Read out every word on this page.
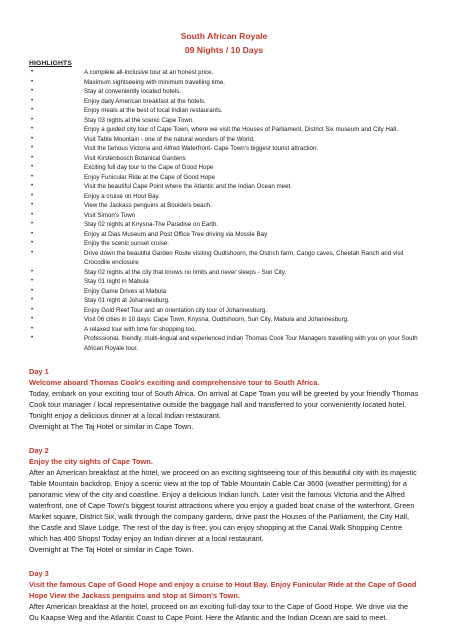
South African Royale
09 Nights / 10 Days
HIGHLIGHTS
•	A complete all-inclusive tour at an honest price.
•	Maximum sightseeing with minimum travelling time.
•	Stay at conveniently located hotels.
•	Enjoy daily American breakfast at the hotels.
•	Enjoy meals at the best of local Indian restaurants.
•	Stay 03 nights at the scenic Cape Town.
•	Enjoy a guided city tour of Cape Town, where we visit the Houses of Parliament, District Six museum and City Hall.
•	Visit Table Mountain - one of the natural wonders of the World.
•	Visit the famous Victoria and Alfred Waterfront- Cape Town's biggest tourist attraction.
•	Visit Kirstenbosch Botanical Gardens
•	Exciting full day tour to the Cape of Good Hope
•	Enjoy Funicular Ride at the Cape of Good Hope
•	Visit the beautiful Cape Point where the Atlantic and the Indian Ocean meet.
•	Enjoy a cruise on Hout Bay.
•	View the Jackass penguins at Boulders beach.
•	Visit Simon's Town
•	Stay 02 nights at Knysna-The Paradise on Earth.
•	Enjoy at Dias Museum and Post Office Tree driving via Mossle Bay
•	Enjoy the scenic sunset cruise.
•	Drive down the beautiful Garden Route visiting Oudtshoorn, the Ostrich farm, Cango caves, Cheetah Ranch and visit Crocodile enclosure
•	Stay 02 nights at the city that knows no limits and never sleeps - Sun City.
•	Stay 01 night in Mabula
•	Enjoy Game Drives at Mabula
•	Stay 01 night at Johannesburg.
•	Enjoy Gold Reef Tour and an orientation city tour of Johannesburg.
•	Visit 06 cities in 10 days: Cape Town, Knysna, Oudtshoorn, Sun City, Mabula and Johannesburg.
•	A relaxed tour with time for shopping too.
•	Professional, friendly, multi-lingual and experienced Indian Thomas Cook Tour Managers travelling with you on your South African Royale tour.
Day 1
Welcome aboard Thomas Cook's exciting and comprehensive tour to South Africa.
Today, embark on your exciting tour of South Africa. On arrival at Cape Town you will be greeted by your friendly Thomas Cook tour manager / local representative outside the baggage hall and transferred to your conveniently located hotel. Tonight enjoy a delicious dinner at a local Indian restaurant.
Overnight at The Taj Hotel or similar in Cape Town.
Day 2
Enjoy the city sights of Cape Town.
After an American breakfast at the hotel, we proceed on an exciting sightseeing tour of this beautiful city with its majestic Table Mountain backdrop. Enjoy a scenic view at the top of Table Mountain Cable Car 3600 (weather permitting) for a panoramic view of the city and coastline. Enjoy a delicious Indian lunch. Later visit the famous Victoria and the Alfred waterfront, one of Cape Town's biggest tourist attractions where you enjoy a guided boat cruise of the waterfront, Green Market square, District Six, walk through the company gardens, drive past the Houses of the Parliament, the City Hall, the Castle and Slave Lodge. The rest of the day is free; you can enjoy shopping at the Canal Walk Shopping Centre which has 400 Shops! Today enjoy an Indian dinner at a local restaurant.
Overnight at The Taj Hotel or similar in Cape Town.
Day 3
Visit the famous Cape of Good Hope and enjoy a cruise to Hout Bay. Enjoy Funicular Ride at the Cape of Good Hope View the Jackass penguins and stop at Simon's Town.
After American breakfast at the hotel, proceed on an exciting full-day tour to the Cape of Good Hope. We drive via the Ou Kaapse Weg and the Atlantic Coast to Cape Point. Here the Atlantic and the Indian Ocean are said to meet.
